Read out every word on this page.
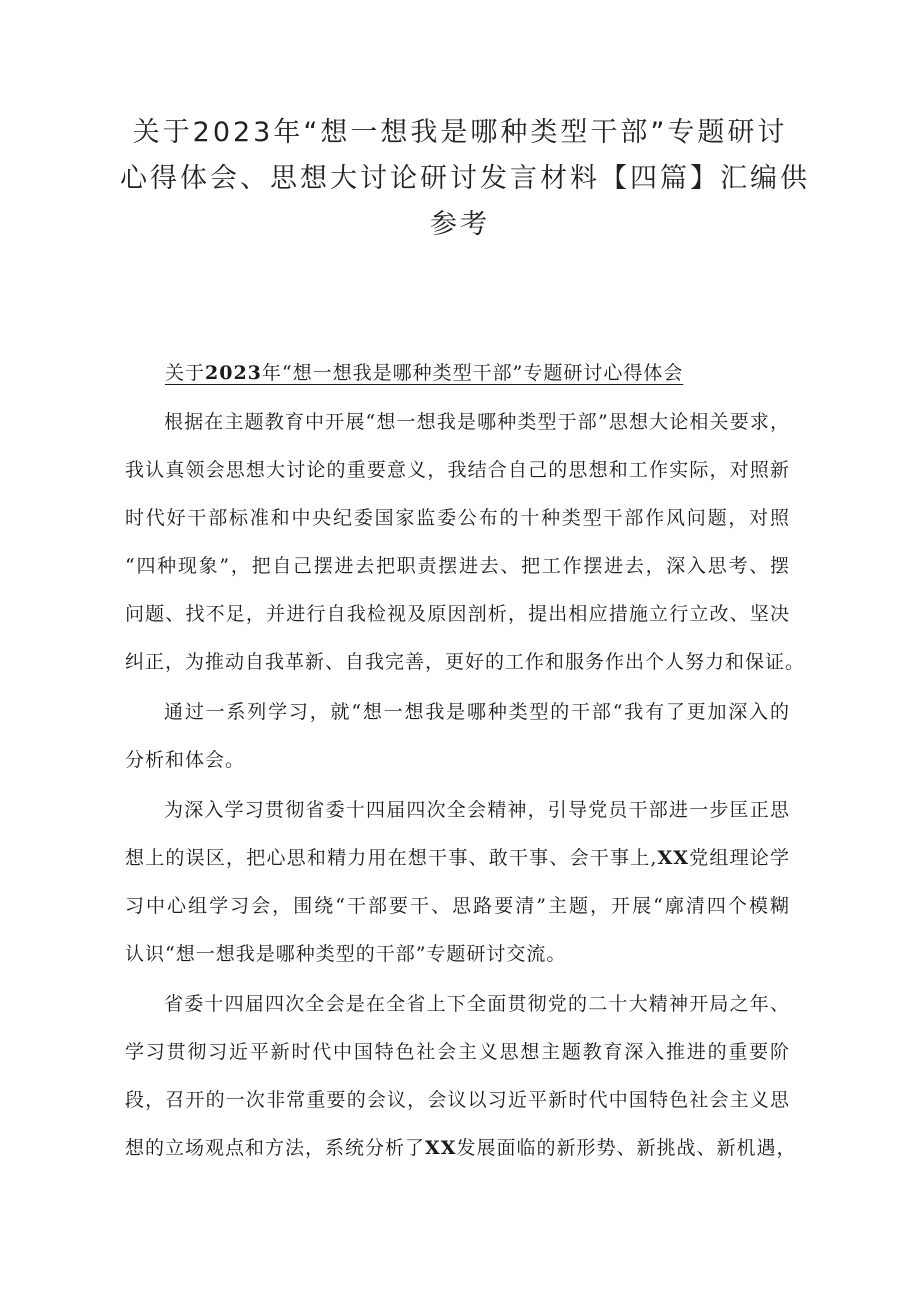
关于2023年“想一想我是哪种类型干部”专题研讨
心得体会、思想大讨论研讨发言材料【四篇】汇编供
参考
关于2023年“想一想我是哪种类型干部”专题研讨心得体会
根据在主题教育中开展“想一想我是哪种类型于部”思想大论相关要求，
我认真领会思想大讨论的重要意义，我结合自己的思想和工作实际，对照新
时代好干部标准和中央纪委国家监委公布的十种类型干部作风问题，对照
“四种现象”，把自己摆进去把职责摆进去、把工作摆进去，深入思考、摆
问题、找不足，并进行自我检视及原因剖析，提出相应措施立行立改、坚决
纠正，为推动自我革新、自我完善，更好的工作和服务作出个人努力和保证。
通过一系列学习，就“想一想我是哪种类型的干部“我有了更加深入的
分析和体会。
为深入学习贯彻省委十四届四次全会精神，引导党员干部进一步匡正思
想上的误区，把心思和精力用在想干事、敢干事、会干事上,XX党组理论学
习中心组学习会，围绕“干部要干、思路要清”主题，开展“廓清四个模糊
认识“想一想我是哪种类型的干部”专题研讨交流。
省委十四届四次全会是在全省上下全面贯彻党的二十大精神开局之年、
学习贯彻习近平新时代中国特色社会主义思想主题教育深入推进的重要阶
段，召开的一次非常重要的会议，会议以习近平新时代中国特色社会主义思
想的立场观点和方法，系统分析了XX发展面临的新形势、新挑战、新机遇，
